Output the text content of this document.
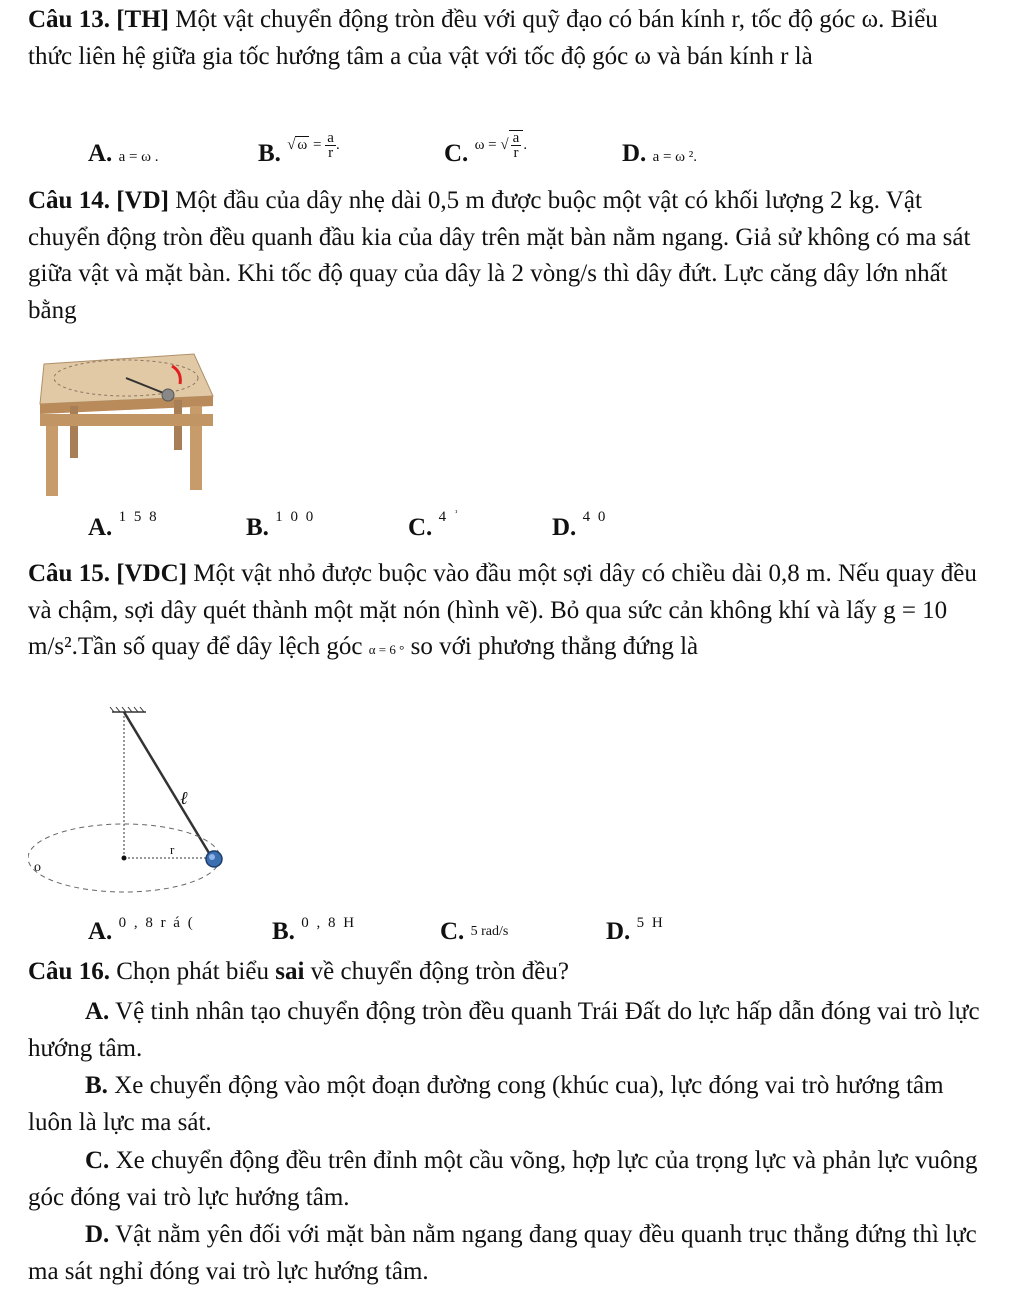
Câu 13. [TH] Một vật chuyển động tròn đều với quỹ đạo có bán kính r, tốc độ góc ω. Biểu thức liên hệ giữa gia tốc hướng tâm a của vật với tốc độ góc ω và bán kính r là
A. a = ω .	B. $^{√ \omega = \frac{a}{r} .}$	C. $^{\omega = √ \frac{a}{r} .}$	D. a = ω ².
Câu 14. [VD] Một đầu của dây nhẹ dài 0,5 m được buộc một vật có khối lượng 2 kg. Vật chuyển động tròn đều quanh đầu kia của dây trên mặt bàn nằm ngang. Giả sử không có ma sát giữa vật và mặt bàn. Khi tốc độ quay của dây là 2 vòng/s thì dây đứt. Lực căng dây lớn nhất bằng
A. $^{1 5 8}$	B. $^{1 0 0}$	C. $^{4 ʾ}$	D. $^{4 0}$
Câu 15. [VDC] Một vật nhỏ được buộc vào đầu một sợi dây có chiều dài 0,8 m. Nếu quay đều và chậm, sợi dây quét thành một mặt nón (hình vẽ). Bỏ qua sức cản không khí và lấy g = 10 m/s².Tần số quay để dây lệch góc α = 6 ° so với phương thẳng đứng là
ℓ
r
o
A. $^{0 , 8 r á (}$	B. $^{0 , 8 H}$	C. 5 rad/s	D. $^{5 H}$
Câu 16. Chọn phát biểu sai về chuyển động tròn đều?
A. Vệ tinh nhân tạo chuyển động tròn đều quanh Trái Đất do lực hấp dẫn đóng vai trò lực hướng tâm.
B. Xe chuyển động vào một đoạn đường cong (khúc cua), lực đóng vai trò hướng tâm luôn là lực ma sát.
C. Xe chuyển động đều trên đỉnh một cầu võng, hợp lực của trọng lực và phản lực vuông góc đóng vai trò lực hướng tâm.
D. Vật nằm yên đối với mặt bàn nằm ngang đang quay đều quanh trục thẳng đứng thì lực ma sát nghỉ đóng vai trò lực hướng tâm.
